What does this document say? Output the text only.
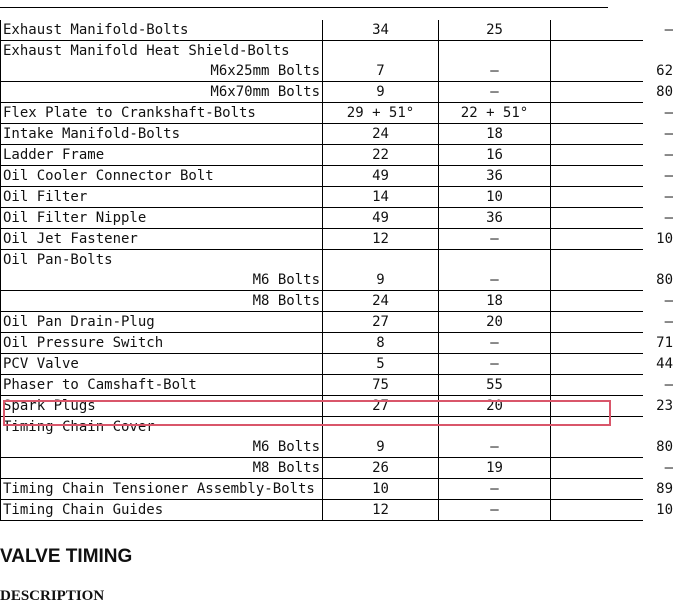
Exhaust Manifold-Bolts	34	25	–
Exhaust Manifold Heat Shield-Bolts			
M6x25mm Bolts	7	–	62
M6x70mm Bolts	9	–	80
Flex Plate to Crankshaft-Bolts	29 + 51°	22 + 51°	–
Intake Manifold-Bolts	24	18	–
Ladder Frame	22	16	–
Oil Cooler Connector Bolt	49	36	–
Oil Filter	14	10	–
Oil Filter Nipple	49	36	–
Oil Jet Fastener	12	–	10
Oil Pan-Bolts			
M6 Bolts	9	–	80
M8 Bolts	24	18	–
Oil Pan Drain-Plug	27	20	–
Oil Pressure Switch	8	–	71
PCV Valve	5	–	44
Phaser to Camshaft-Bolt	75	55	–
Spark Plugs	27	20	23
Timing Chain Cover			
M6 Bolts	9	–	80
M8 Bolts	26	19	–
Timing Chain Tensioner Assembly-Bolts	10	–	89
Timing Chain Guides	12	–	10
VALVE TIMING
DESCRIPTION
